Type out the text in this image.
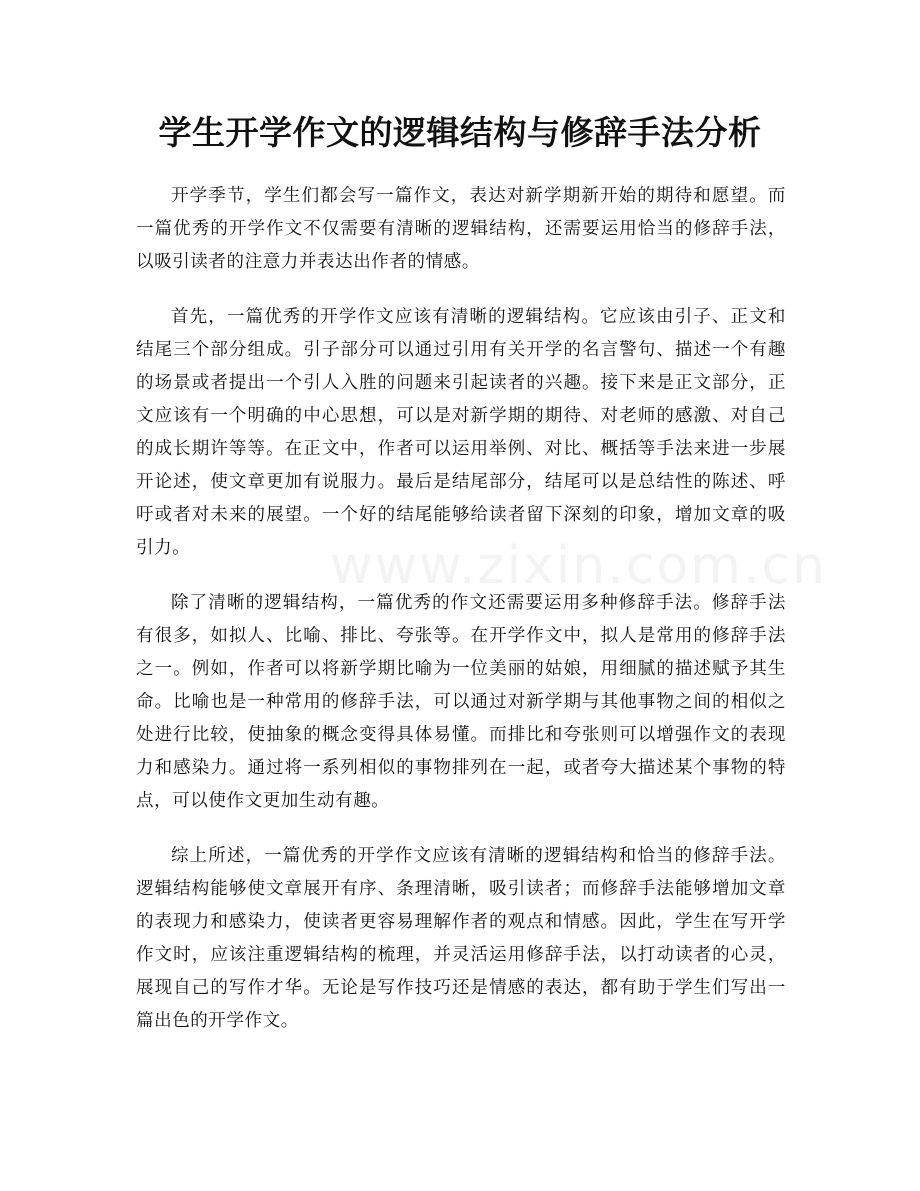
学生开学作文的逻辑结构与修辞手法分析
www.zixin.com.cn

开学季节，学生们都会写一篇作文，表达对新学期新开始的期待和愿望。而一篇优秀的开学作文不仅需要有清晰的逻辑结构，还需要运用恰当的修辞手法，以吸引读者的注意力并表达出作者的情感。

首先，一篇优秀的开学作文应该有清晰的逻辑结构。它应该由引子、正文和结尾三个部分组成。引子部分可以通过引用有关开学的名言警句、描述一个有趣的场景或者提出一个引人入胜的问题来引起读者的兴趣。接下来是正文部分，正文应该有一个明确的中心思想，可以是对新学期的期待、对老师的感激、对自己的成长期许等等。在正文中，作者可以运用举例、对比、概括等手法来进一步展开论述，使文章更加有说服力。最后是结尾部分，结尾可以是总结性的陈述、呼吁或者对未来的展望。一个好的结尾能够给读者留下深刻的印象，增加文章的吸引力。

除了清晰的逻辑结构，一篇优秀的作文还需要运用多种修辞手法。修辞手法有很多，如拟人、比喻、排比、夸张等。在开学作文中，拟人是常用的修辞手法之一。例如，作者可以将新学期比喻为一位美丽的姑娘，用细腻的描述赋予其生命。比喻也是一种常用的修辞手法，可以通过对新学期与其他事物之间的相似之处进行比较，使抽象的概念变得具体易懂。而排比和夸张则可以增强作文的表现力和感染力。通过将一系列相似的事物排列在一起，或者夸大描述某个事物的特点，可以使作文更加生动有趣。

综上所述，一篇优秀的开学作文应该有清晰的逻辑结构和恰当的修辞手法。逻辑结构能够使文章展开有序、条理清晰，吸引读者；而修辞手法能够增加文章的表现力和感染力，使读者更容易理解作者的观点和情感。因此，学生在写开学作文时，应该注重逻辑结构的梳理，并灵活运用修辞手法，以打动读者的心灵，展现自己的写作才华。无论是写作技巧还是情感的表达，都有助于学生们写出一篇出色的开学作文。
